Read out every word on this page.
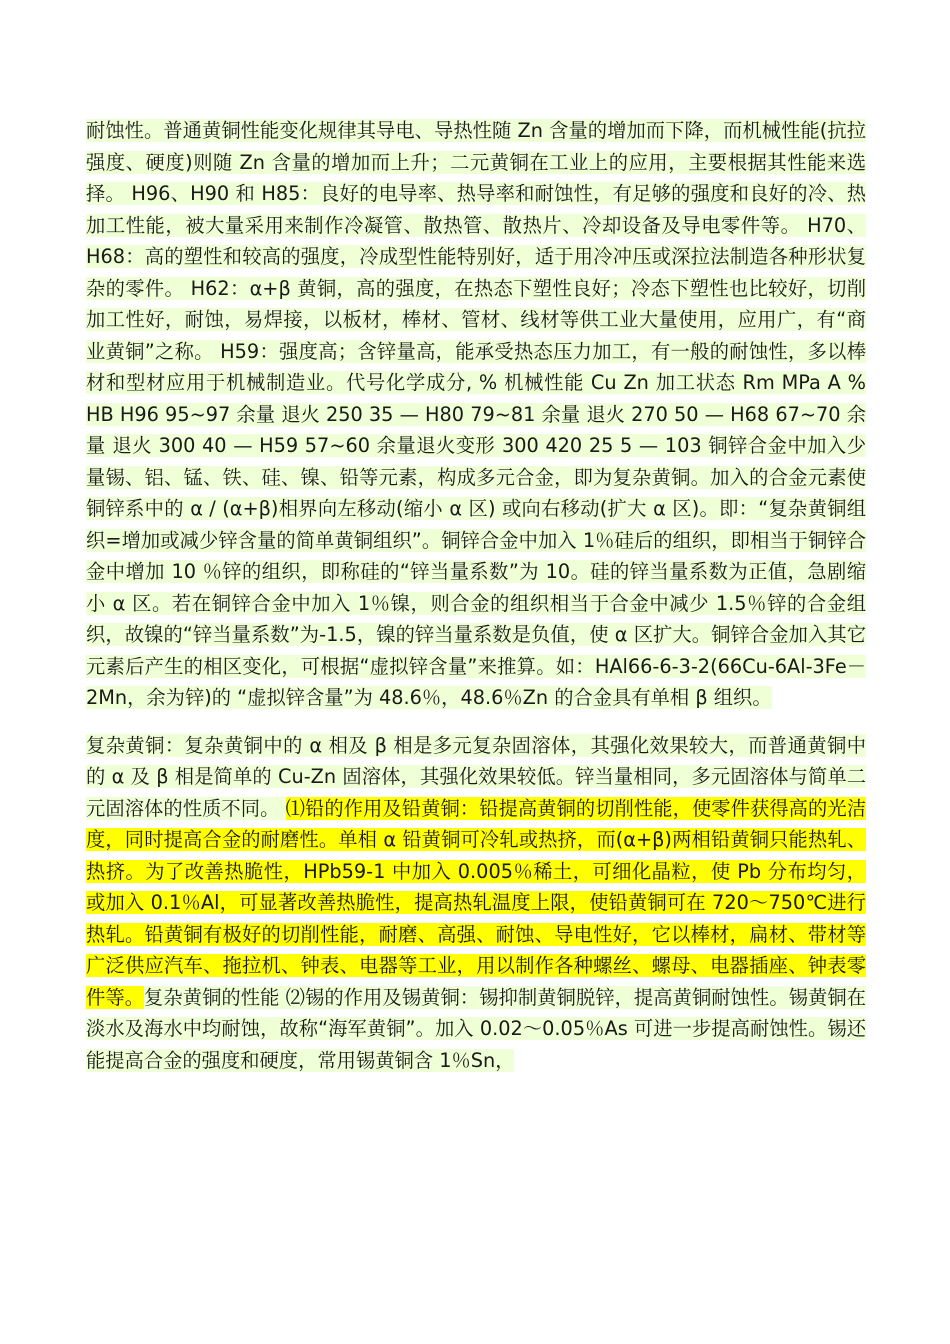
耐蚀性。普通黄铜性能变化规律其导电、导热性随 Zn 含量的增加而下降，而机械性能(抗拉强度、硬度)则随 Zn 含量的增加而上升；二元黄铜在工业上的应用，主要根据其性能来选择。 H96、H90 和 H85：良好的电导率、热导率和耐蚀性，有足够的强度和良好的冷、热加工性能，被大量采用来制作冷凝管、散热管、散热片、冷却设备及导电零件等。 H70、H68：高的塑性和较高的强度，冷成型性能特别好，适于用冷冲压或深拉法制造各种形状复杂的零件。 H62：α+β 黄铜，高的强度，在热态下塑性良好；冷态下塑性也比较好，切削加工性好，耐蚀，易焊接，以板材，棒材、管材、线材等供工业大量使用，应用广，有“商业黄铜”之称。 H59：强度高；含锌量高，能承受热态压力加工，有一般的耐蚀性，多以棒材和型材应用于机械制造业。代号化学成分, % 机械性能 Cu Zn 加工状态 Rm MPa A % HB H96 95~97 余量 退火 250 35 — H80 79~81 余量 退火 270 50 — H68 67~70 余量 退火 300 40 — H59 57~60 余量退火变形 300 420 25 5 — 103 铜锌合金中加入少量锡、铝、锰、铁、硅、镍、铅等元素，构成多元合金，即为复杂黄铜。加入的合金元素使铜锌系中的 α / (α+β)相界向左移动(缩小 α 区) 或向右移动(扩大 α 区)。即：“复杂黄铜组织=增加或减少锌含量的简单黄铜组织”。铜锌合金中加入 1％硅后的组织，即相当于铜锌合金中增加 10 ％锌的组织，即称硅的“锌当量系数”为 10。硅的锌当量系数为正值，急剧缩小 α 区。若在铜锌合金中加入 1％镍，则合金的组织相当于合金中减少 1.5％锌的合金组织，故镍的“锌当量系数”为-1.5，镍的锌当量系数是负值，使 α 区扩大。铜锌合金加入其它元素后产生的相区变化，可根据“虚拟锌含量”来推算。如：HAl66-6-3-2(66Cu-6Al-3Fe－2Mn，余为锌)的 “虚拟锌含量”为 48.6％，48.6％Zn 的合金具有单相 β 组织。

复杂黄铜：复杂黄铜中的 α 相及 β 相是多元复杂固溶体，其强化效果较大，而普通黄铜中的 α 及 β 相是简单的 Cu-Zn 固溶体，其强化效果较低。锌当量相同，多元固溶体与简单二元固溶体的性质不同。 ⑴铅的作用及铅黄铜：铅提高黄铜的切削性能，使零件获得高的光洁度，同时提高合金的耐磨性。单相 α 铅黄铜可冷轧或热挤，而(α+β)两相铅黄铜只能热轧、热挤。为了改善热脆性，HPb59-1 中加入 0.005％稀土，可细化晶粒，使 Pb 分布均匀，或加入 0.1％Al，可显著改善热脆性，提高热轧温度上限，使铅黄铜可在 720～750℃进行热轧。铅黄铜有极好的切削性能，耐磨、高强、耐蚀、导电性好，它以棒材，扁材、带材等广泛供应汽车、拖拉机、钟表、电器等工业，用以制作各种螺丝、螺母、电器插座、钟表零件等。复杂黄铜的性能 ⑵锡的作用及锡黄铜：锡抑制黄铜脱锌，提高黄铜耐蚀性。锡黄铜在淡水及海水中均耐蚀，故称“海军黄铜”。加入 0.02～0.05％As 可进一步提高耐蚀性。锡还能提高合金的强度和硬度，常用锡黄铜含 1％Sn，
